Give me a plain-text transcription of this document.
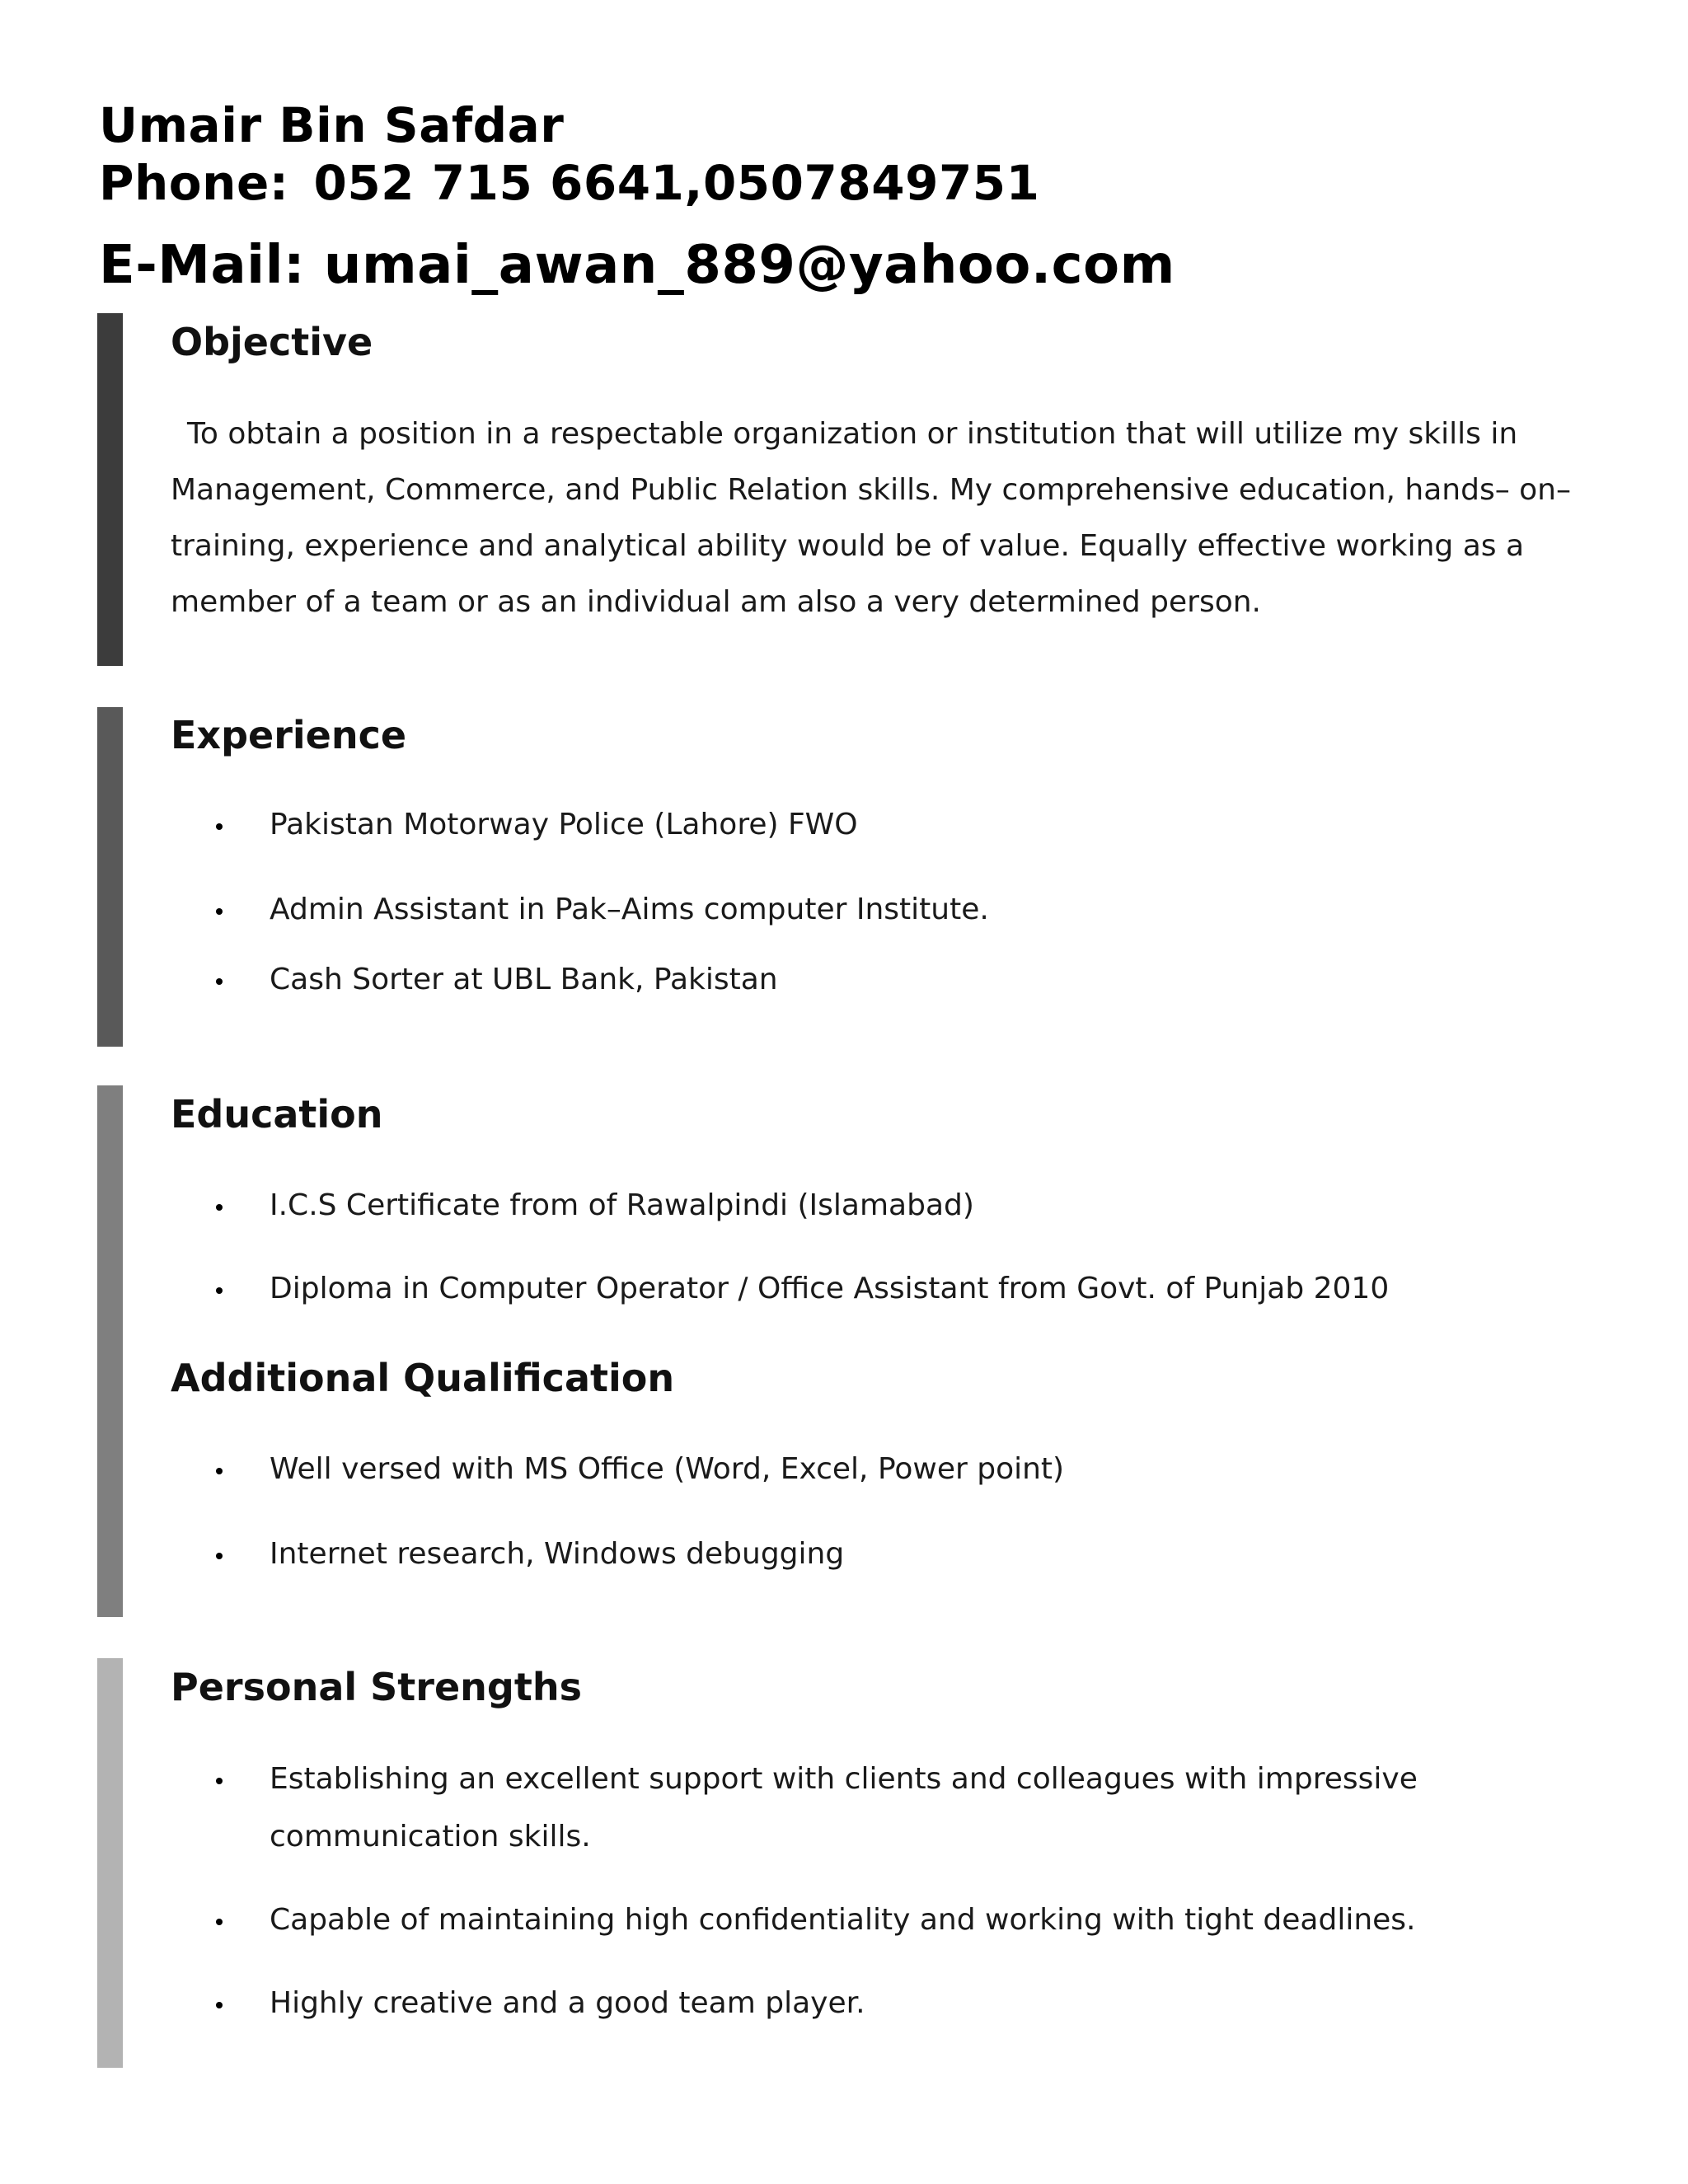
Umair Bin Safdar
Phone: 052 715 6641,0507849751
E-Mail: umai_awan_889@yahoo.com
Objective

To obtain a position in a respectable organization or institution that will utilize my skills in Management, Commerce, and Public Relation skills. My comprehensive education, hands– on– training, experience and analytical ability would be of value. Equally effective working as a member of a team or as an individual am also a very determined person.

Experience

Pakistan Motorway Police (Lahore) FWO

Admin Assistant in Pak–Aims computer Institute.

Cash Sorter at UBL Bank, Pakistan

Education

I.C.S Certificate from of Rawalpindi (Islamabad)

Diploma in Computer Operator / Office Assistant from Govt. of Punjab 2010

Additional Qualification

Well versed with MS Office (Word, Excel, Power point)

Internet research, Windows debugging

Personal Strengths

Establishing an excellent support with clients and colleagues with impressive communication skills.

Capable of maintaining high confidentiality and working with tight deadlines.

Highly creative and a good team player.
